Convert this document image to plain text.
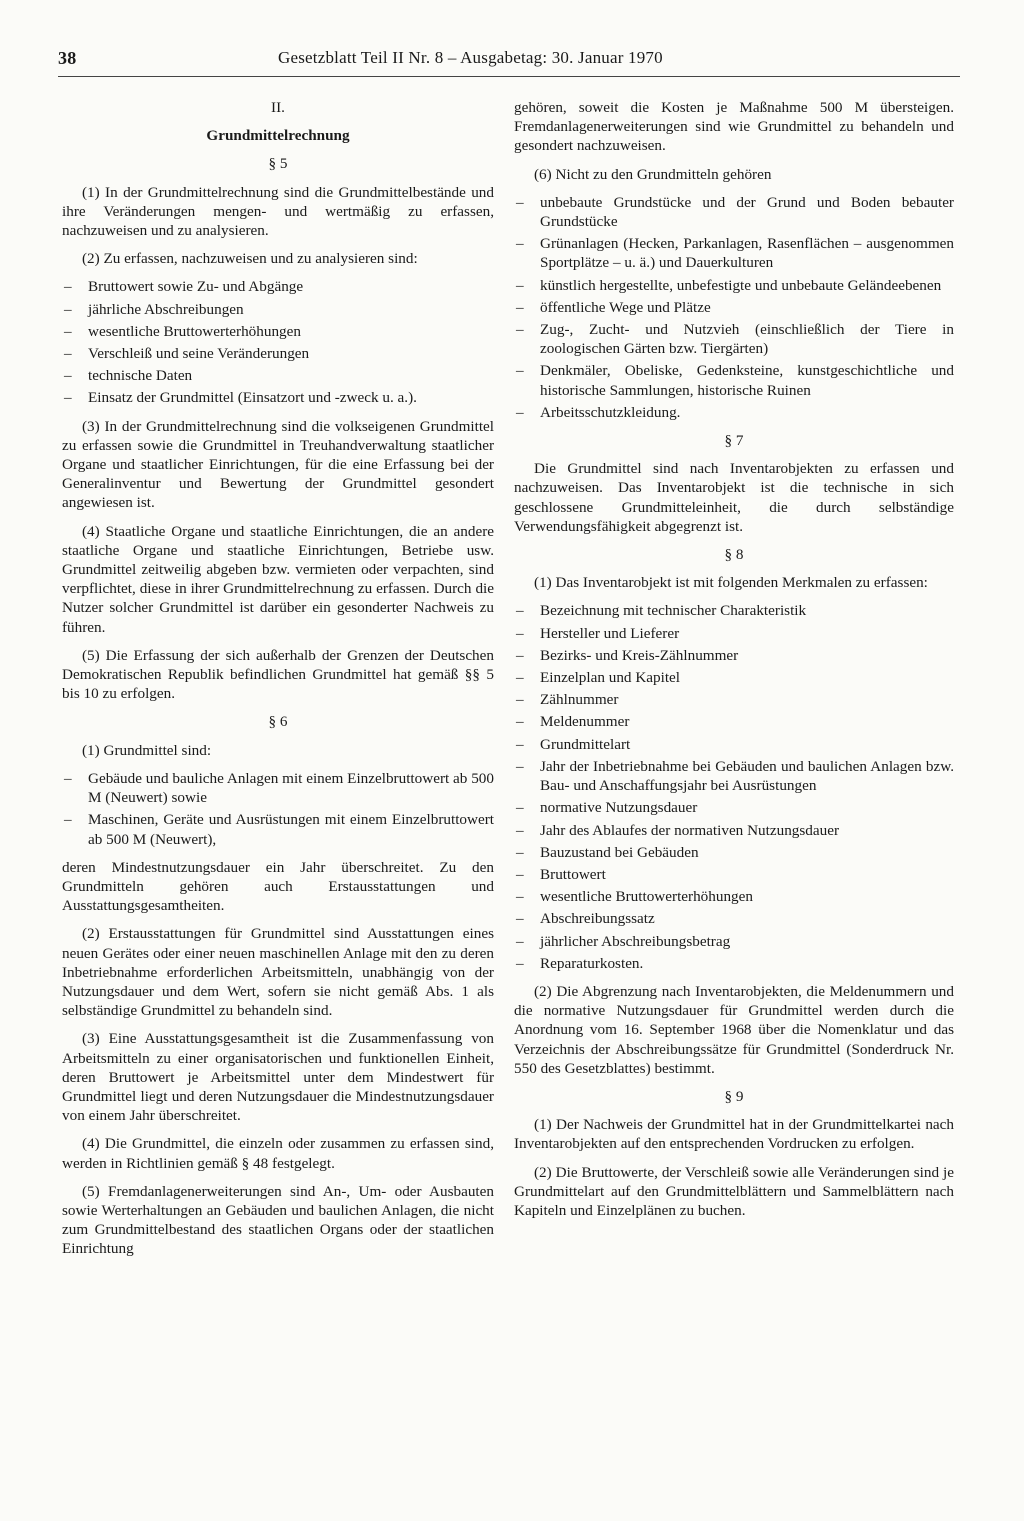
38	Gesetzblatt Teil II Nr. 8 – Ausgabetag: 30. Januar 1970

II.

Grundmittelrechnung

§ 5

(1) In der Grundmittelrechnung sind die Grundmittelbestände und ihre Veränderungen mengen- und wertmäßig zu erfassen, nachzuweisen und zu analysieren.

(2) Zu erfassen, nachzuweisen und zu analysieren sind:

– Bruttowert sowie Zu- und Abgänge
– jährliche Abschreibungen
– wesentliche Bruttowerterhöhungen
– Verschleiß und seine Veränderungen
– technische Daten
– Einsatz der Grundmittel (Einsatzort und -zweck u. a.).

(3) In der Grundmittelrechnung sind die volkseigenen Grundmittel zu erfassen sowie die Grundmittel in Treuhandverwaltung staatlicher Organe und staatlicher Einrichtungen, für die eine Erfassung bei der Generalinventur und Bewertung der Grundmittel gesondert angewiesen ist.

(4) Staatliche Organe und staatliche Einrichtungen, die an andere staatliche Organe und staatliche Einrichtungen, Betriebe usw. Grundmittel zeitweilig abgeben bzw. vermieten oder verpachten, sind verpflichtet, diese in ihrer Grundmittelrechnung zu erfassen. Durch die Nutzer solcher Grundmittel ist darüber ein gesonderter Nachweis zu führen.

(5) Die Erfassung der sich außerhalb der Grenzen der Deutschen Demokratischen Republik befindlichen Grundmittel hat gemäß §§ 5 bis 10 zu erfolgen.

§ 6

(1) Grundmittel sind:

– Gebäude und bauliche Anlagen mit einem Einzelbruttowert ab 500 M (Neuwert) sowie
– Maschinen, Geräte und Ausrüstungen mit einem Einzelbruttowert ab 500 M (Neuwert),

deren Mindestnutzungsdauer ein Jahr überschreitet. Zu den Grundmitteln gehören auch Erstausstattungen und Ausstattungsgesamtheiten.

(2) Erstausstattungen für Grundmittel sind Ausstattungen eines neuen Gerätes oder einer neuen maschinellen Anlage mit den zu deren Inbetriebnahme erforderlichen Arbeitsmitteln, unabhängig von der Nutzungsdauer und dem Wert, sofern sie nicht gemäß Abs. 1 als selbständige Grundmittel zu behandeln sind.

(3) Eine Ausstattungsgesamtheit ist die Zusammenfassung von Arbeitsmitteln zu einer organisatorischen und funktionellen Einheit, deren Bruttowert je Arbeitsmittel unter dem Mindestwert für Grundmittel liegt und deren Nutzungsdauer die Mindestnutzungsdauer von einem Jahr überschreitet.

(4) Die Grundmittel, die einzeln oder zusammen zu erfassen sind, werden in Richtlinien gemäß § 48 festgelegt.

(5) Fremdanlagenerweiterungen sind An-, Um- oder Ausbauten sowie Werterhaltungen an Gebäuden und baulichen Anlagen, die nicht zum Grundmittelbestand des staatlichen Organs oder der staatlichen Einrichtung

gehören, soweit die Kosten je Maßnahme 500 M übersteigen. Fremdanlagenerweiterungen sind wie Grundmittel zu behandeln und gesondert nachzuweisen.

(6) Nicht zu den Grundmitteln gehören

– unbebaute Grundstücke und der Grund und Boden bebauter Grundstücke
– Grünanlagen (Hecken, Parkanlagen, Rasenflächen – ausgenommen Sportplätze – u. ä.) und Dauerkulturen
– künstlich hergestellte, unbefestigte und unbebaute Geländeebenen
– öffentliche Wege und Plätze
– Zug-, Zucht- und Nutzvieh (einschließlich der Tiere in zoologischen Gärten bzw. Tiergärten)
– Denkmäler, Obeliske, Gedenksteine, kunstgeschichtliche und historische Sammlungen, historische Ruinen
– Arbeitsschutzkleidung.

§ 7

Die Grundmittel sind nach Inventarobjekten zu erfassen und nachzuweisen. Das Inventarobjekt ist die technische in sich geschlossene Grundmitteleinheit, die durch selbständige Verwendungsfähigkeit abgegrenzt ist.

§ 8

(1) Das Inventarobjekt ist mit folgenden Merkmalen zu erfassen:

– Bezeichnung mit technischer Charakteristik
– Hersteller und Lieferer
– Bezirks- und Kreis-Zählnummer
– Einzelplan und Kapitel
– Zählnummer
– Meldenummer
– Grundmittelart
– Jahr der Inbetriebnahme bei Gebäuden und baulichen Anlagen bzw. Bau- und Anschaffungsjahr bei Ausrüstungen
– normative Nutzungsdauer
– Jahr des Ablaufes der normativen Nutzungsdauer
– Bauzustand bei Gebäuden
– Bruttowert
– wesentliche Bruttowerterhöhungen
– Abschreibungssatz
– jährlicher Abschreibungsbetrag
– Reparaturkosten.

(2) Die Abgrenzung nach Inventarobjekten, die Meldenummern und die normative Nutzungsdauer für Grundmittel werden durch die Anordnung vom 16. September 1968 über die Nomenklatur und das Verzeichnis der Abschreibungssätze für Grundmittel (Sonderdruck Nr. 550 des Gesetzblattes) bestimmt.

§ 9

(1) Der Nachweis der Grundmittel hat in der Grundmittelkartei nach Inventarobjekten auf den entsprechenden Vordrucken zu erfolgen.

(2) Die Bruttowerte, der Verschleiß sowie alle Veränderungen sind je Grundmittelart auf den Grundmittelblättern und Sammelblättern nach Kapiteln und Einzelplänen zu buchen.
